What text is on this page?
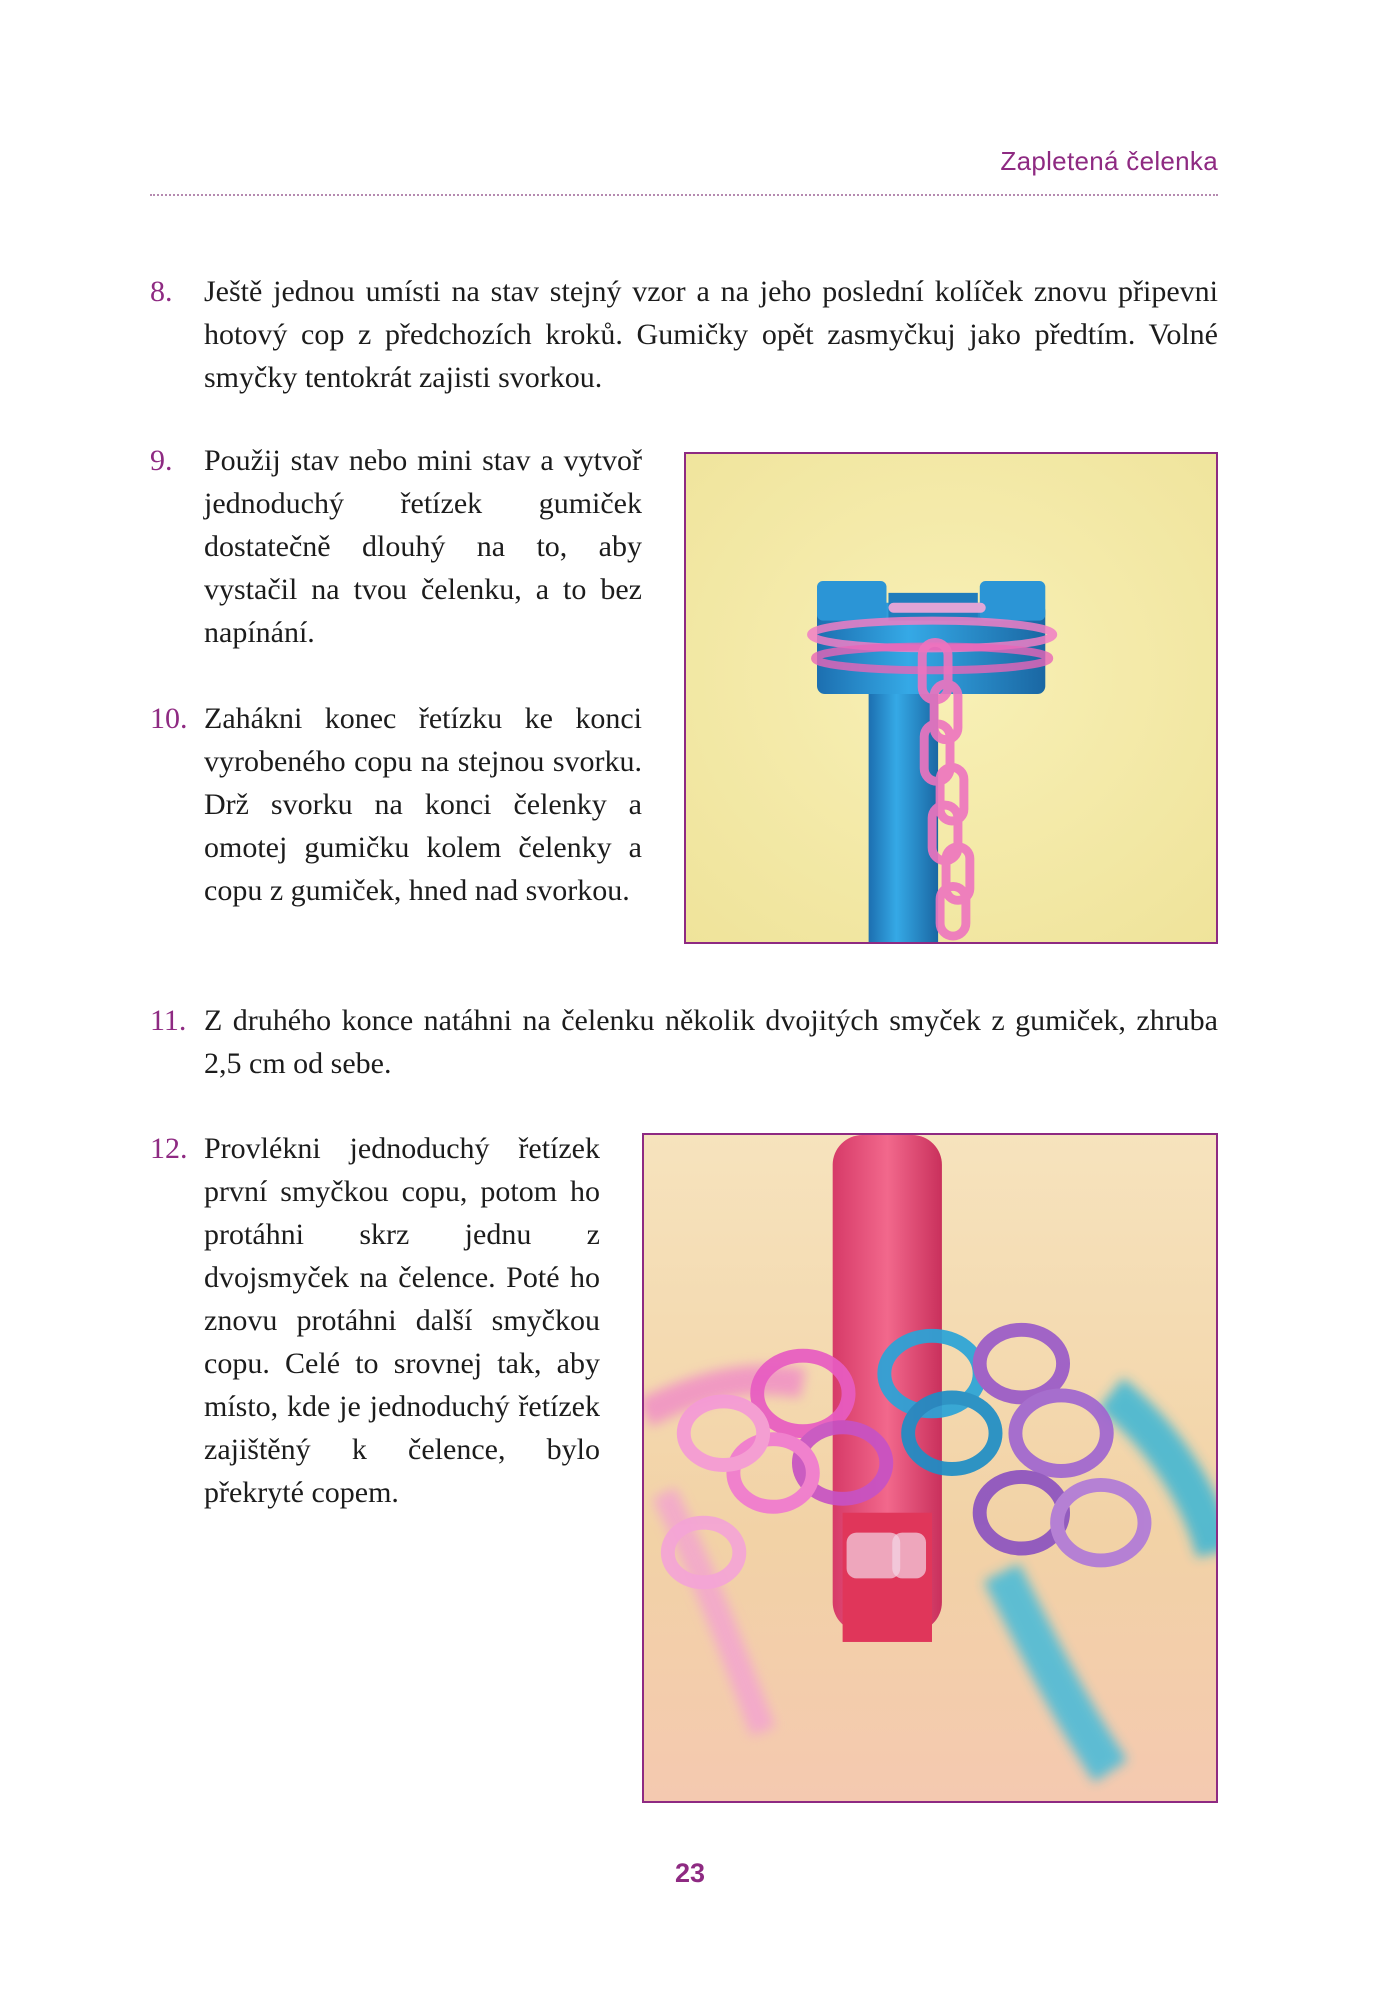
Zapletená čelenka
8. Ještě jednou umísti na stav stejný vzor a na jeho poslední kolíček znovu připevni hotový cop z předchozích kroků. Gumičky opět zasmyčkuj jako předtím. Volné smyčky tentokrát zajisti svorkou.
9. Použij stav nebo mini stav a vytvoř jednoduchý řetízek gumiček dostatečně dlouhý na to, aby vystačil na tvou čelenku, a to bez napínání.
10. Zahákni konec řetízku ke konci vyrobeného copu na stejnou svorku. Drž svorku na konci čelenky a omotej gumičku kolem čelenky a copu z gumiček, hned nad svorkou.
11. Z druhého konce natáhni na čelenku několik dvojitých smyček z gumiček, zhruba 2,5 cm od sebe.
12. Provlékni jednoduchý řetízek první smyčkou copu, potom ho protáhni skrz jednu z dvojsmyček na čelence. Poté ho znovu protáhni další smyčkou copu. Celé to srovnej tak, aby místo, kde je jednoduchý řetízek zajištěný k čelence, bylo překryté copem.
23
